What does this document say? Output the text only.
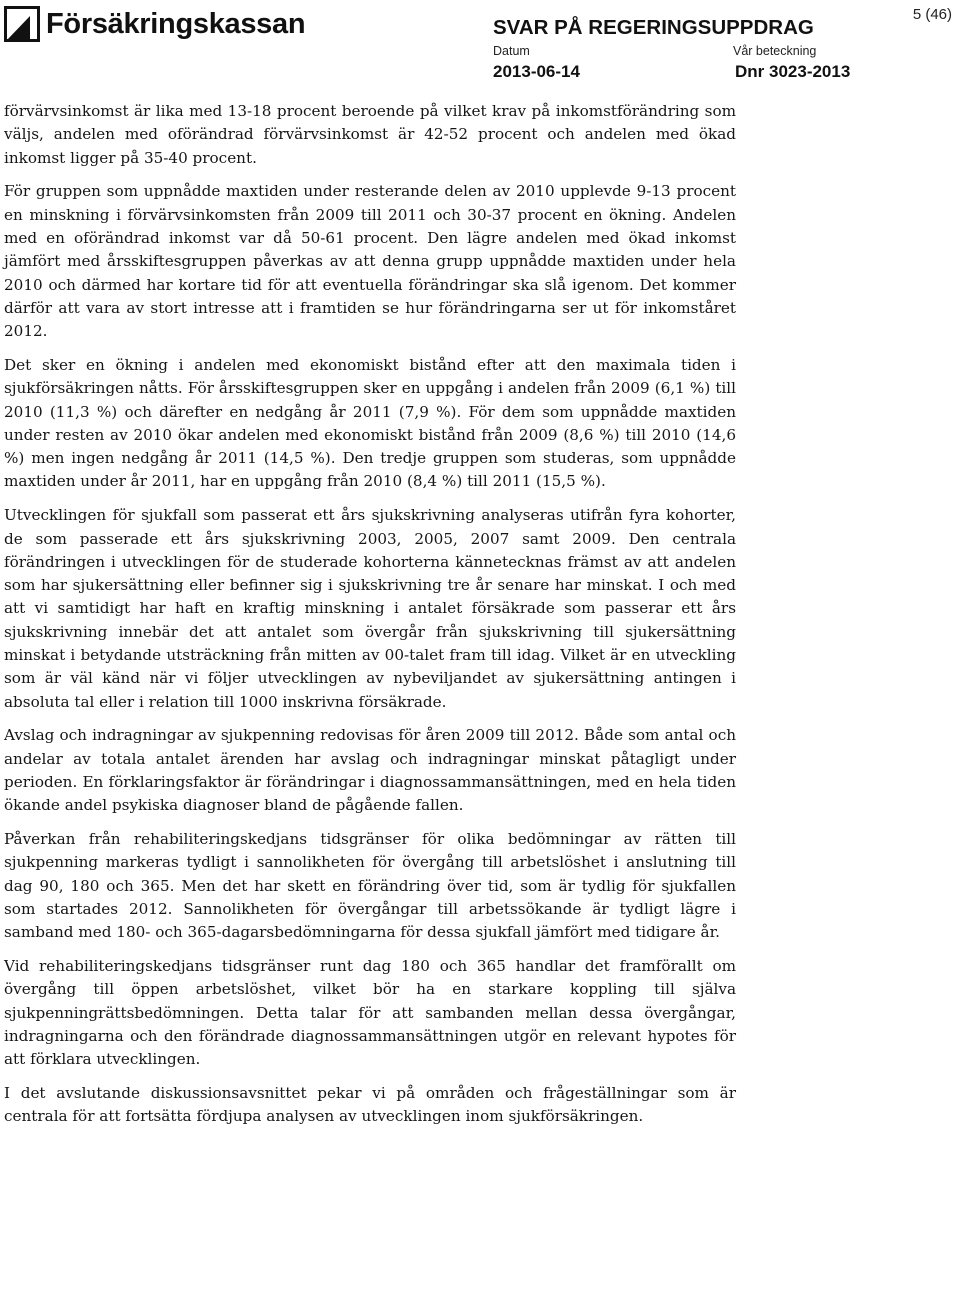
Försäkringskassan	SVAR PÅ REGERINGSUPPDRAG
5 (46)
Datum
2013-06-14
Vår beteckning
Dnr 3023-2013

förvärvsinkomst är lika med 13-18 procent beroende på vilket krav på inkomstförändring som väljs, andelen med oförändrad förvärvsinkomst är 42-52 procent och andelen med ökad inkomst ligger på 35-40 procent.

För gruppen som uppnådde maxtiden under resterande delen av 2010 upplevde 9-13 procent en minskning i förvärvsinkomsten från 2009 till 2011 och 30-37 procent en ökning. Andelen med en oförändrad inkomst var då 50-61 procent. Den lägre andelen med ökad inkomst jämfört med årsskiftesgruppen påverkas av att denna grupp uppnådde maxtiden under hela 2010 och därmed har kortare tid för att eventuella förändringar ska slå igenom. Det kommer därför att vara av stort intresse att i framtiden se hur förändringarna ser ut för inkomståret 2012.

Det sker en ökning i andelen med ekonomiskt bistånd efter att den maximala tiden i sjukförsäkringen nåtts. För årsskiftesgruppen sker en uppgång i andelen från 2009 (6,1 %) till 2010 (11,3 %) och därefter en nedgång år 2011 (7,9 %). För dem som uppnådde maxtiden under resten av 2010 ökar andelen med ekonomiskt bistånd från 2009 (8,6 %) till 2010 (14,6 %) men ingen nedgång år 2011 (14,5 %). Den tredje gruppen som studeras, som uppnådde maxtiden under år 2011, har en uppgång från 2010 (8,4 %) till 2011 (15,5 %).

Utvecklingen för sjukfall som passerat ett års sjukskrivning analyseras utifrån fyra kohorter, de som passerade ett års sjukskrivning 2003, 2005, 2007 samt 2009. Den centrala förändringen i utvecklingen för de studerade kohorterna kännetecknas främst av att andelen som har sjukersättning eller befinner sig i sjukskrivning tre år senare har minskat. I och med att vi samtidigt har haft en kraftig minskning i antalet försäkrade som passerar ett års sjukskrivning innebär det att antalet som övergår från sjukskrivning till sjukersättning minskat i betydande utsträckning från mitten av 00-talet fram till idag. Vilket är en utveckling som är väl känd när vi följer utvecklingen av nybeviljandet av sjukersättning antingen i absoluta tal eller i relation till 1000 inskrivna försäkrade.

Avslag och indragningar av sjukpenning redovisas för åren 2009 till 2012. Både som antal och andelar av totala antalet ärenden har avslag och indragningar minskat påtagligt under perioden. En förklaringsfaktor är förändringar i diagnossammansättningen, med en hela tiden ökande andel psykiska diagnoser bland de pågående fallen.

Påverkan från rehabiliteringskedjans tidsgränser för olika bedömningar av rätten till sjukpenning markeras tydligt i sannolikheten för övergång till arbetslöshet i anslutning till dag 90, 180 och 365. Men det har skett en förändring över tid, som är tydlig för sjukfallen som startades 2012. Sannolikheten för övergångar till arbetssökande är tydligt lägre i samband med 180- och 365-dagarsbedömningarna för dessa sjukfall jämfört med tidigare år.

Vid rehabiliteringskedjans tidsgränser runt dag 180 och 365 handlar det framförallt om övergång till öppen arbetslöshet, vilket bör ha en starkare koppling till själva sjukpenningrättsbedömningen. Detta talar för att sambanden mellan dessa övergångar, indragningarna och den förändrade diagnossammansättningen utgör en relevant hypotes för att förklara utvecklingen.

I det avslutande diskussionsavsnittet pekar vi på områden och frågeställningar som är centrala för att fortsätta fördjupa analysen av utvecklingen inom sjukförsäkringen.
